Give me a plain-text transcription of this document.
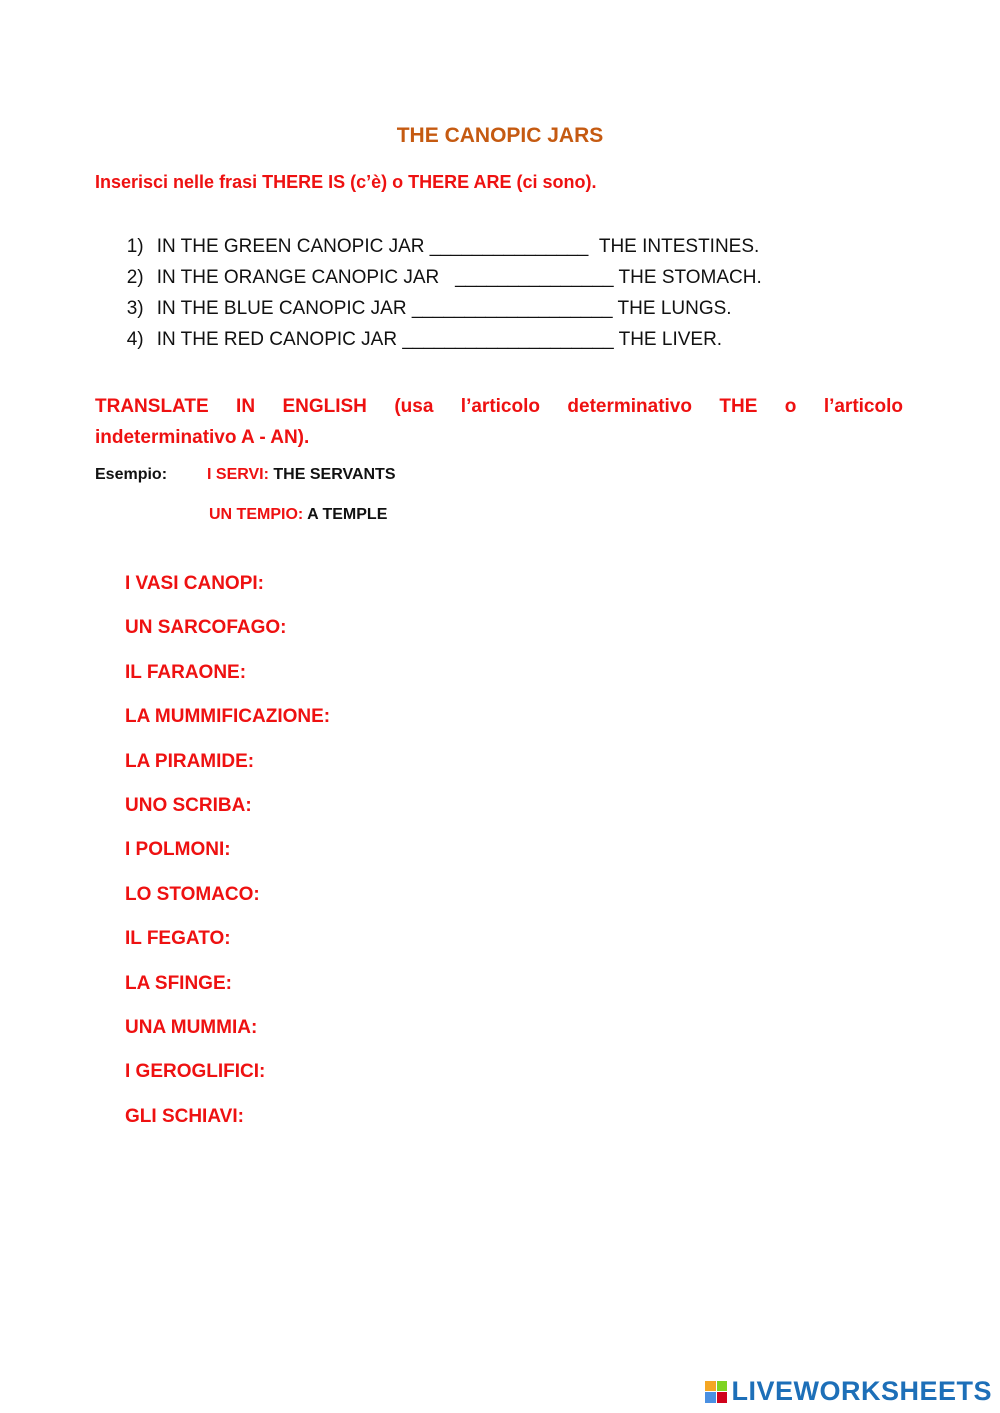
THE CANOPIC JARS
Inserisci nelle frasi THERE IS (c’è) o THERE ARE (ci sono).

1) IN THE GREEN CANOPIC JAR _______________  THE INTESTINES.

2) IN THE ORANGE CANOPIC JAR   _______________ THE STOMACH.

3) IN THE BLUE CANOPIC JAR ___________________ THE LUNGS.

4) IN THE RED CANOPIC JAR ____________________ THE LIVER.

TRANSLATE IN ENGLISH (usa l’articolo determinativo THE o l’articolo
indeterminativo A - AN).
Esempio: I SERVI: THE SERVANTS
UN TEMPIO: A TEMPLE
I VASI CANOPI:
UN SARCOFAGO:
IL FARAONE:
LA MUMMIFICAZIONE:
LA PIRAMIDE:
UNO SCRIBA:
I POLMONI:
LO STOMACO:
IL FEGATO:
LA SFINGE:
UNA MUMMIA:
I GEROGLIFICI:
GLI SCHIAVI:
LIVEWORKSHEETS
